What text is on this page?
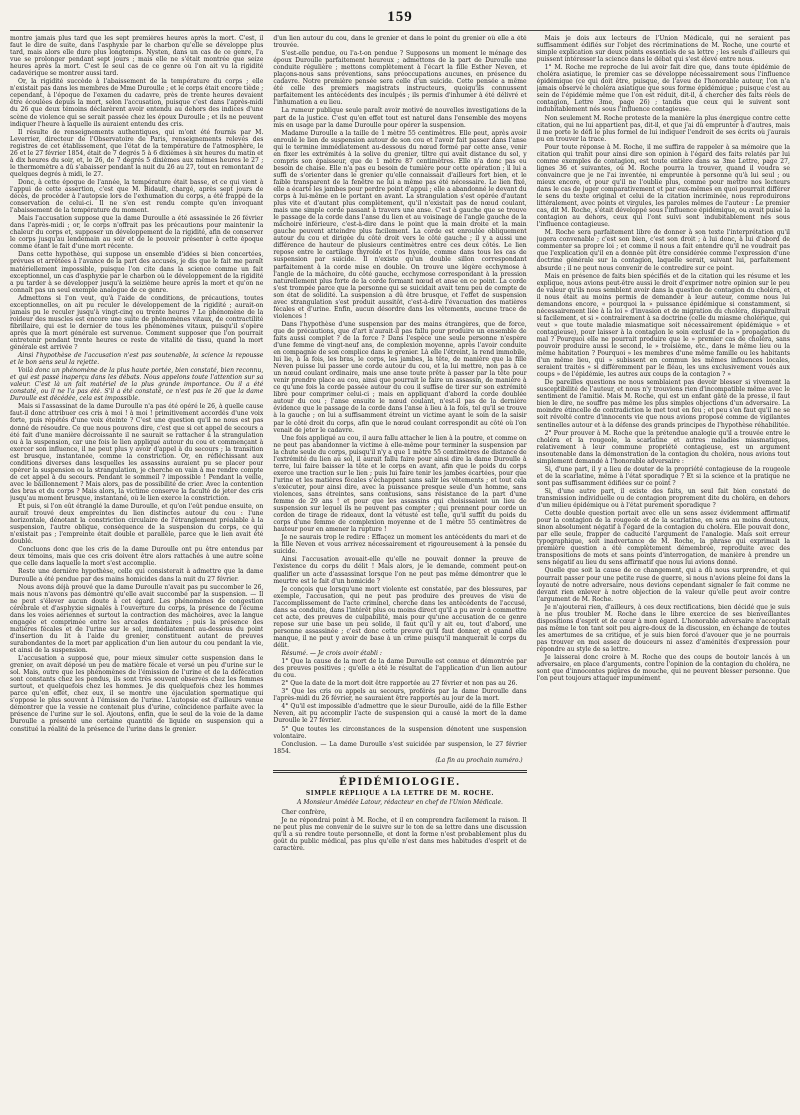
159

montre jamais plus tard que les sept premières heures après la mort. C'est, il faut le dire de suite, dans l'asphyxie par le charbon qu'elle se développe plus tard, mais alors elle dure plus longtemps. Nysten, dans un cas de ce genre, l'a vue se prolonger pendant sept jours ; mais elle ne s'était montrée que seize heures après la mort. C'est le seul cas de ce genre où l'on ait vu la rigidité cadavérique se montrer aussi tard.

Or, la rigidité succède à l'abaissement de la température du corps ; elle n'existait pas dans les membres de Mme Duroulle ; et le corps était encore tiède ; cependant, à l'époque de l'examen du cadavre, près de trente heures devaient être écoulées depuis la mort, selon l'accusation, puisque c'est dans l'après-midi du 26 que deux témoins déclarèrent avoir entendu au dehors des indices d'une scène de violence qui se serait passée chez les époux Duroulle ; et ils ne peuvent indiquer l'heure à laquelle ils auraient entendu des cris.

Il résulte de renseignements authentiques, qui m'ont été fournis par M. Leverrier, directeur de l'Observatoire de Paris, renseignements relevés des registres de cet établissement, que l'état de la température de l'atmosphère, le 26 et le 27 février 1854, était de 7 degrés 5 à 6 dixièmes à six heures du matin et à dix heures du soir, et, le 26, de 7 degrés 5 dixièmes aux mêmes heures le 27 ; le thermomètre a dû s'abaisser pendant la nuit du 26 au 27, tout en remontant de quelques degrés à midi, le 27.

Donc, à cette époque de l'année, la température était basse, et ce qui vient à l'appui de cette assertion, c'est que M. Bidault, chargé, après sept jours de décès, de procéder à l'autopsie lors de l'exhumation du corps, a été frappé de la conservation de celui-ci. Il ne s'en est rendu compte qu'en invoquant l'abaissement de la température du moment.

Mais l'accusation suppose que la dame Duroulle a été assassinée le 26 février dans l'après-midi ; or, le corps n'offrait pas les précautions pour maintenir la chaleur du corps et, supposer un développement de la rigidité, afin de conserver le corps jusqu'au lendemain au soir et de le pouvoir présenter à cette époque comme étant le fait d'une mort récente.

Dans cette hypothèse, qui suppose un ensemble d'idées si bien concertées, prévues et arrêtées à l'avance de la part des accusés, je dis que le fait me paraît matériellement impossible, puisque l'on cite dans la science comme un fait exceptionnel, un cas d'asphyxie par le charbon où le développement de la rigidité a pu tarder à se développer jusqu'à la seizième heure après la mort et qu'on ne connaît pas un seul exemple analogue de ce genre.

Admettons si l'on veut, qu'à l'aide de conditions, de précautions, toutes exceptionnelles, on ait pu reculer le développement de la rigidité ; aurait-on jamais pu le reculer jusqu'à vingt-cinq ou trente heures ? Le phénomène de la roideur des muscles est encore une suite de phénomènes vitaux, de contractilité fibrillaire, qui est le dernier de tous les phénomènes vitaux, puisqu'il s'opère après que la mort générale est survenue. Comment supposer que l'on pourrait entretenir pendant trente heures ce reste de vitalité de tissu, quand la mort générale est arrivée ?

Ainsi l'hypothèse de l'accusation n'est pas soutenable, la science la repousse et le bon sens seul la rejette.

Voilà donc un phénomène de la plus haute portée, bien constaté, bien reconnu, et qui est passé inaperçu dans les débats. Nous appelons toute l'attention sur sa valeur. C'est là un fait matériel de la plus grande importance. Ou il a été constaté, ou il ne l'a pas été. S'il a été constaté, ce n'est pas le 26 que la dame Duroulle est décédée, cela est impossible.

Mais si l'assassinat de la dame Duroulle n'a pas été opéré le 26, à quelle cause faut-il donc attribuer ces cris à moi ! à moi ! primitivement accordés d'une voix forte, puis répétés d'une voix éteinte ? C'est une question qu'il ne nous est pas donné de résoudre. Ce que nous pouvons dire, c'est que si cet appel de secours a été fait d'une manière décroissante il ne saurait se rattacher à la strangulation ou à la suspension, car une fois le lien appliqué autour du cou et commençant à exercer son influence, il ne peut plus y avoir d'appel à du secours ; la transition est brusque, instantanée, comme la constriction. Or, en réfléchissant aux conditions diverses dans lesquelles les assassins auraient pu se placer pour opérer la suspension ou la strangulation, je cherche en vain à me rendre compte de cet appel à du secours. Pendant le sommeil ? impossible ! Pendant la veille, avec le bâillonnement ? Mais alors, pas de possibilité de crier. Avec la contention des bras et du corps ? Mais alors, la victime conserve la faculté de jeter des cris jusqu'au moment brusque, instantané, où le lien exerce la constriction.

Et puis, si l'on eût étranglé la dame Duroulle, et qu'on l'eût pendue ensuite, on aurait trouvé deux empreintes du lien distinctes autour du cou : l'une horizontale, dénotant la constriction circulaire de l'étranglement préalable à la suspension, l'autre oblique, conséquence de la suspension du corps, ce qui n'existait pas ; l'empreinte était double et parallèle, parce que le lien avait été doublé.

Concluons donc que les cris de la dame Duroulle ont pu être entendus par deux témoins, mais que ces cris doivent être alors rattachés à une autre scène que celle dans laquelle la mort s'est accomplie.

Reste une dernière hypothèse, celle qui consisterait à admettre que la dame Duroulle a été pendue par des mains homicides dans la nuit du 27 février.

Nous avons déjà prouvé que la dame Duroulle n'avait pas pu succomber le 26, mais nous n'avons pas démontré qu'elle avait succombé par la suspension. — Il ne peut s'élever aucun doute à cet égard. Les phénomènes de congestion cérébrale et d'asphyxie signalés à l'ouverture du corps, la présence de l'écume dans les voies aériennes et surtout la contraction des mâchoires, avec la langue engagée et comprimée entre les arcades dentaires ; puis la présence des matières fécales et de l'urine sur le sol, immédiatement au-dessous du point d'insertion du lit à l'aide du grenier, constituent autant de preuves surabondantes de la mort par application d'un lien autour du cou pendant la vie, et ainsi de la suspension.

L'accusation a supposé que, pour mieux simuler cette suspension dans le grenier, on avait déposé un peu de matière fécale et versé un peu d'urine sur le sol. Mais, outre que les phénomènes de l'émission de l'urine et de la défécation sont constants chez les pendus, ils sont très souvent observés chez les femmes surtout, et quelquefois chez les hommes. Je dis quelquefois chez les hommes parce qu'en effet, chez eux, il se montre une éjaculation spermatique qui s'oppose le plus souvent à l'émission de l'urine. L'autopsie est d'ailleurs venue démontrer que la vessie ne contenait plus d'urine, coïncidence parfaite avec la présence de l'urine sur le sol. Ajoutons, enfin, que le seul de la voie de la dame Duroulle a présenté une certaine quantité de liquide en suspension qui a constitué la réalité de la présence de l'urine dans le grenier.

d'un lien autour du cou, dans le grenier et dans le point du grenier où elle a été trouvée.

S'est-elle pendue, ou l'a-t-on pendue ? Supposons un moment le ménage des époux Duroulle parfaitement heureux ; admettons de la part de Duroulle une conduite régulière ; mettons complètement à l'écart la fille Esther Neven, et plaçons-nous sans préventions, sans préoccupations aucunes, en présence du cadavre. Notre première pensée sera celle d'un suicide. Cette pensée a même été celle des premiers magistrats instructeurs, quoiqu'ils connussent parfaitement les antécédents des inculpés ; ils permis d'inhumer à été délivré et l'inhumation a eu lieu.

La rumeur publique seule paraît avoir motivé de nouvelles investigations de la part de la justice. C'est qu'en effet tout est naturel dans l'ensemble des moyens mis en usage par la dame Duroulle pour opérer la suspension.

Madame Duroulle a la taille de 1 mètre 55 centimètres. Elle peut, après avoir enroulé le lien de suspension autour de son cou et l'avoir fait passer dans l'anse qui le termine immédiatement au-dessous du nœud formé par cette anse, venir en fixer les extrémités à la solive du grenier, tiltre qui avait distance du sol, y compris son épaisseur, que de 1 mètre 87 centimètres. Elle n'a donc pas eu besoin de chaise. Elle n'a pas eu besoin de tumière pour cette opération ; il lui a suffi de s'orienter dans le grenier qu'elle connaissait d'ailleurs fort bien, et le faible transparent de la fenêtre ne lui a même pas été nécessaire. Le lien fixé, elle a écarté les jambes pour perdre point d'appui ; elle a abandonné le devant du corps à lui-même en le portant en avant. La strangulation s'est opérée d'autant plus vite et d'autant plus complètement, qu'il n'existait pas de nœud coulant, mais une simple corde passant à travers une anse. C'est à gauche que se trouve le passage de la corde dans l'anse du lien et au voisinage de l'angle gauche de la mâchoire inférieure, c'est-à-dire dans le point que la main droite et la main gauche peuvent atteindre plus facilement. La corde est enroulée obliquement autour du cou et dirigée du côté droit vers le côté gauche ; il y a aussi une différence de hauteur de plusieurs centimètres entre ces deux côtés. Le lien repose entre le cartilage thyroïde et l'os hyoïde, comme dans tous les cas de suspension par suicide. Il n'existe qu'un double sillon correspondant parfaitement à la corde mise en double. On trouve une légère ecchymose à l'angle de la mâchoire, du côté gauche, ecchymose correspondant à la pression naturellement plus forte de la corde formant nœud et anse en ce point. La corde s'est trompée parce que la personne qui se suicidait avait tenu peu de compte de son état de solidité. La suspension a dû être brusque, et l'effet de suspension avec strangulation s'est produit aussitôt, c'est-à-dire l'évacuation des matières fécales et d'urine. Enfin, aucun désordre dans les vêtements, aucune trace de violences !

Dans l'hypothèse d'une suspension par des mains étrangères, que de force, que de précautions, que d'art n'aurait-il pas fallu pour produire un ensemble de faits aussi complet ? de la force ? Dans l'espèce une seule personne n'espère d'une femme de vingt-neuf ans, de complexion moyenne, après l'avoir conduite en compagnie de son complice dans le grenier. Là elle l'étreint, la rend immobile, lui lie, à la fois, les bras, le corps, les jambes, la tête, de manière que la fille Neven puisse lui passer une corde autour du cou, et la lui mettre, non pas à ce un nœud coulant ordinaire, mais une anse toute prête à passer par la tête pour venir prendre place au cou, ainsi que pourrait le faire un assassin, de manière à ce qu'une fois la corde passée autour du cou il suffise de tirer sur son extrémité libre pour comprimer celui-ci ; mais en appliquant d'abord la corde doublée autour du cou ; l'anse ensuite le nœud coulant, n'est-il pas de la dernière évidence que le passage de la corde dans l'anse à lieu à la fois, tel qu'il se trouve à la gauche ; on lui a suffisamment étreint un victime ayant le soin de la saisir par le côté droit du corps, afin que le nœud coulant correspondit au côté où l'on venait de jeter le cadavre.

Une fois appliqué au cou, il aura fallu attacher le lien à la poutre, et comme on ne peut pas abandonner la victime à elle-même pour terminer la suspension par la chute seule du corps, puisqu'il n'y a que 1 mètre 55 centimètres de distance de l'extrémité du lien au sol, il aurait fallu faire pour ainsi dire la dame Duroulle à terre, lui faire baisser la tête et le corps en avant, afin que le poids du corps exerce une traction sur le lien ; puis lui faire tenir les jambes écartées, pour que l'urine et les matières fécales s'échappent sans salir les vêtements ; et tout cela s'exécuter, pour ainsi dire, avec la puissance presque seule d'un homme, sans violences, sans étreintes, sans contusions, sans résistance de la part d'une femme de 29 ans ! et pour que les assassins qui choisissaient un lieu de suspension sur lequel ils ne peuvent pas compter ; qui prennent pour corde un cordon de tirage de rideaux, dont la vétusté est telle, qu'il suffit du poids du corps d'une femme de complexion moyenne et de 1 mètre 55 centimètres de hauteur pour en amener la rupture !

Je ne saurais trop le redire : Effaçez un moment les antécédents du mari et de la fille Neven et vous arrivez nécessairement et rigoureusement à la pensée du suicide.

Ainsi l'accusation avouait-elle qu'elle ne pouvait donner la preuve de l'existence du corps du délit ! Mais alors, je le demande, comment peut-on qualifier un acte d'assassinat lorsque l'on ne peut pas même démontrer que le meurtre est le fait d'un homicide ?

Je conçois que lorsqu'une mort violente est constatée, par des blessures, par exemple, l'accusation, qui ne peut pas produire des preuves de visu de l'accomplissement de l'acte criminel, cherche dans les antécédents de l'accusé, dans sa conduite, dans l'intérêt plus ou moins direct qu'il a pu avoir à commettre cet acte, des preuves de culpabilité, mais pour qu'une accusation de ce genre repose sur une base un peu solide, il faut qu'il y ait eu, tout d'abord, une personne assassinée ; c'est donc cette preuve qu'il faut donner, et quand elle manque, il ne peut y avoir de base à un crime puisqu'il manquerait le corps du délit.

Résumé. — Je crois avoir établi :

1° Que la cause de la mort de la dame Duroulle est connue et démontrée par des preuves positives ; qu'elle a été le résultat de l'application d'un lien autour du cou.

2° Que la date de la mort doit être rapportée au 27 février et non pas au 26.

3° Que les cris ou appels au secours, proférés par la dame Duroulle dans l'après-midi du 26 février, ne sauraient être rapportés au jour de la mort.

4° Qu'il est impossible d'admettre que le sieur Duroulle, aidé de la fille Esther Neven, ait pu accomplir l'acte de suspension qui a causé la mort de la dame Duroulle le 27 février.

5° Que toutes les circonstances de la suspension dénotent une suspension volontaire.

Conclusion. — La dame Duroulle s'est suicidée par suspension, le 27 février 1854.

(La fin au prochain numéro.)
ÉPIDÉMIOLOGIE.
SIMPLE RÉPLIQUE A LA LETTRE DE M. ROCHE.
A Monsieur Amédée Latour, rédacteur en chef de l'Union Médicale.

Cher confrère,

Je ne répondrai point à M. Roche, et il en comprendra facilement la raison. Il ne peut plus me convenir de le suivre sur le ton de sa lettre dans une discussion qu'il a su rendre toute personnelle, et dont la forme n'est probablement plus du goût du public médical, pas plus qu'elle n'est dans mes habitudes d'esprit et de caractère.

Mais je dois aux lecteurs de l'Union Médicale, qui ne seraient pas suffisamment édifiés sur l'objet des récriminations de M. Roche, une courte et simple explication sur deux points essentiels de sa lettre ; les seuls d'ailleurs qui puissent intéresser la science dans le débat qui s'est élevé entre nous.

1° M. Roche me reproche de lui avoir fait dire que, dans toute épidémie de choléra asiatique, le premier cas se développe nécessairement sous l'influence épidémique (ce qui doit être, puisque, de l'aveu de l'honorable auteur, l'on n'a jamais observé le choléra asiatique que sous forme épidémique ; puisque c'est au sein de l'épidémie même que l'on est réduit, dit-il, à chercher des faits réels de contagion, Lettre 3me, page 26) ; tandis que ceux qui le suivent sont indubitablement nés sous l'influence contagieuse.

Non seulement M. Roche proteste de la manière la plus énergique contre cette citation, qui ne lui appartient pas, dit-il, et que j'ai dû emprunter à d'autres, mais il me porte le défi le plus formel de lui indiquer l'endroit de ses écrits où j'aurais pu en trouver la trace.

Pour toute réponse à M. Roche, il me suffira de rappeler à sa mémoire que la citation qui trahit pour ainsi dire son opinion à l'égard des faits relatés par lui comme exemples de contagion, est toute entière dans sa 3me Lettre, page 27, lignes 36 et suivantes, où M. Roche pourra la trouver, quand il voudra se convaincre que je ne l'ai inventée, ni empruntée à personne qu'à lui seul ; ou mieux encore, et pour qu'il ne l'oublie plus, comme pour mettre nos lecteurs dans le cas de juger comparativement et par eux-mêmes en quoi pourrait différer le sens du texte original et celui de la citation incriminée, nous reproduirons littéralement, avec points et virgules, les paroles mêmes de l'auteur : Le premier cas, dit M. Roche, s'était développé sous l'influence épidémique, ou avait puisé la contagion au dehors, ceux qui l'ont suivi sont indubitablement nés sous l'influence contagieuse.

M. Roche sera parfaitement libre de donner à son texte l'interprétation qu'il jugera convenable ; c'est son bien, c'est son droit ; à lui donc, à lui d'abord de commenter sa propre loi ; et comme il nous a fait entendre qu'il ne voudrait pas que l'explication qu'il en a donnée pût être considérée comme l'expression d'une doctrine générale sur la contagion, laquelle serait, suivant lui, parfaitement absurde ; il ne peut nous convenir de le contredire sur ce point.

Mais en présence de faits bien spécifiés et de la citation qui les résume et les explique, nous avions peut-être aussi le droit d'exprimer notre opinion sur le peu de valeur qu'ils nous semblent avoir dans la question de contagion du choléra, et il nous était au moins permis de demander à leur auteur, comme nous lui demandons encore, « pourquoi la » puissance épidémique si constamment, si nécessairement liée à la loi » d'invasion et de migration du choléra, disparaîtrait si facilement, et si » contrairement à sa doctrine (celle du miasme cholérique, qui veut » que toute maladie miasmatique soit nécessairement épidémique » et contagieuse), pour laisser à la contagion le soin exclusif de la » propagation du mal ? Pourquoi elle ne pourrait produire que le » premier cas de choléra, sans pouvoir produire aussi le second, le » troisième, etc., dans le même lieu ou la même habitation ? Pourquoi » les membres d'une même famille ou les habitants d'un même lieu, qui » subissent en commun les mêmes influences locales, seraient traités » si différemment par le fléau, les uns exclusivement voués aux coups » de l'épidémie, les autres aux coups de la contagion ? »

De pareilles questions ne nous semblaient pas devoir blesser si vivement la susceptibilité de l'auteur, et nous n'y trouvions rien d'incompatible même avec le sentiment de l'amitié. Mais M. Roche, qui est un enfant gâté de la presse, il faut bien le dire, ne souffre pas même les plus simples objections d'un adversaire. La moindre étincelle de contradiction le met tout en feu ; et peu s'en faut qu'il ne se soit révolté contre d'innocents vie que nous avions proposé comme de vigilantes sentinelles autour et à la défense des grands principes de l'hypothèse réhabilitée.

2° Pour prouver à M. Roche que la prétendue analogie qu'il a trouvée entre le choléra et la rougeole, la scarlatine et autres maladies miasmatiques, relativement à leur commune propriété contagieuse, est un argument insoutenable dans la démonstration de la contagion du choléra, nous avions tout simplement demandé à l'honorable adversaire :

Si, d'une part, il y a lieu de douter de la propriété contagieuse de la rougeole et de la scarlatine, même à l'état sporadique ? Et si la science et la pratique ne sont pas suffisamment édifiées sur ce point ?

Si, d'une autre part, il existe des faits, un seul fait bien constaté de transmission individuelle ou de contagion proprement dite du choléra, en dehors d'un milieu épidémique ou à l'état purement sporadique ?

Cette double question portait avec elle un sens assez évidemment affirmatif pour la contagion de la rougeole et de la scarlatine, en sens au moins douteux, sinon absolument négatif à l'égard de la contagion du choléra. Elle pouvait donc, par elle seule, frapper de caducité l'argument de l'analogie. Mais soit erreur typographique, soit inadvertance de M. Roche, la phrase qui exprimait la première question a été complètement démembrée, reproduite avec des transpositions de mots et sans points d'interrogation, de manière à prendre un sens négatif au lieu du sens affirmatif que nous lui avions donné.

Quelle que soit la cause de ce changement, qui a dû nous surprendre, et qui pourrait passer pour une petite ruse de guerre, si nous n'avions pleine foi dans la loyauté de notre adversaire, nous devions cependant signaler le fait comme ne devant rien enlever à notre objection de la valeur qu'elle peut avoir contre l'argument de M. Roche.

Je n'ajouterai rien, d'ailleurs, à ces deux rectifications, bien décidé que je suis à ne plus troubler M. Roche dans le libre exercice de ses bienveillantes dispositions d'esprit et de cœur à mon égard. L'honorable adversaire n'acceptait pas même le ton tant soit peu aigre-doux de la discussion, en échange de toutes les amertumes de sa critique, et je suis bien forcé d'avouer que je ne pourrais pas trouver en moi assez de douceurs ni assez d'aménités d'expression pour répondre au style de sa lettre.

Je laisserai donc croire à M. Roche que des coups de boutoir lancés à un adversaire, en place d'arguments, contre l'opinion de la contagion du choléra, ne sont que d'innocentes piqûres de mouche, qui ne peuvent blesser personne. Que l'on peut toujours attaquer impunément
